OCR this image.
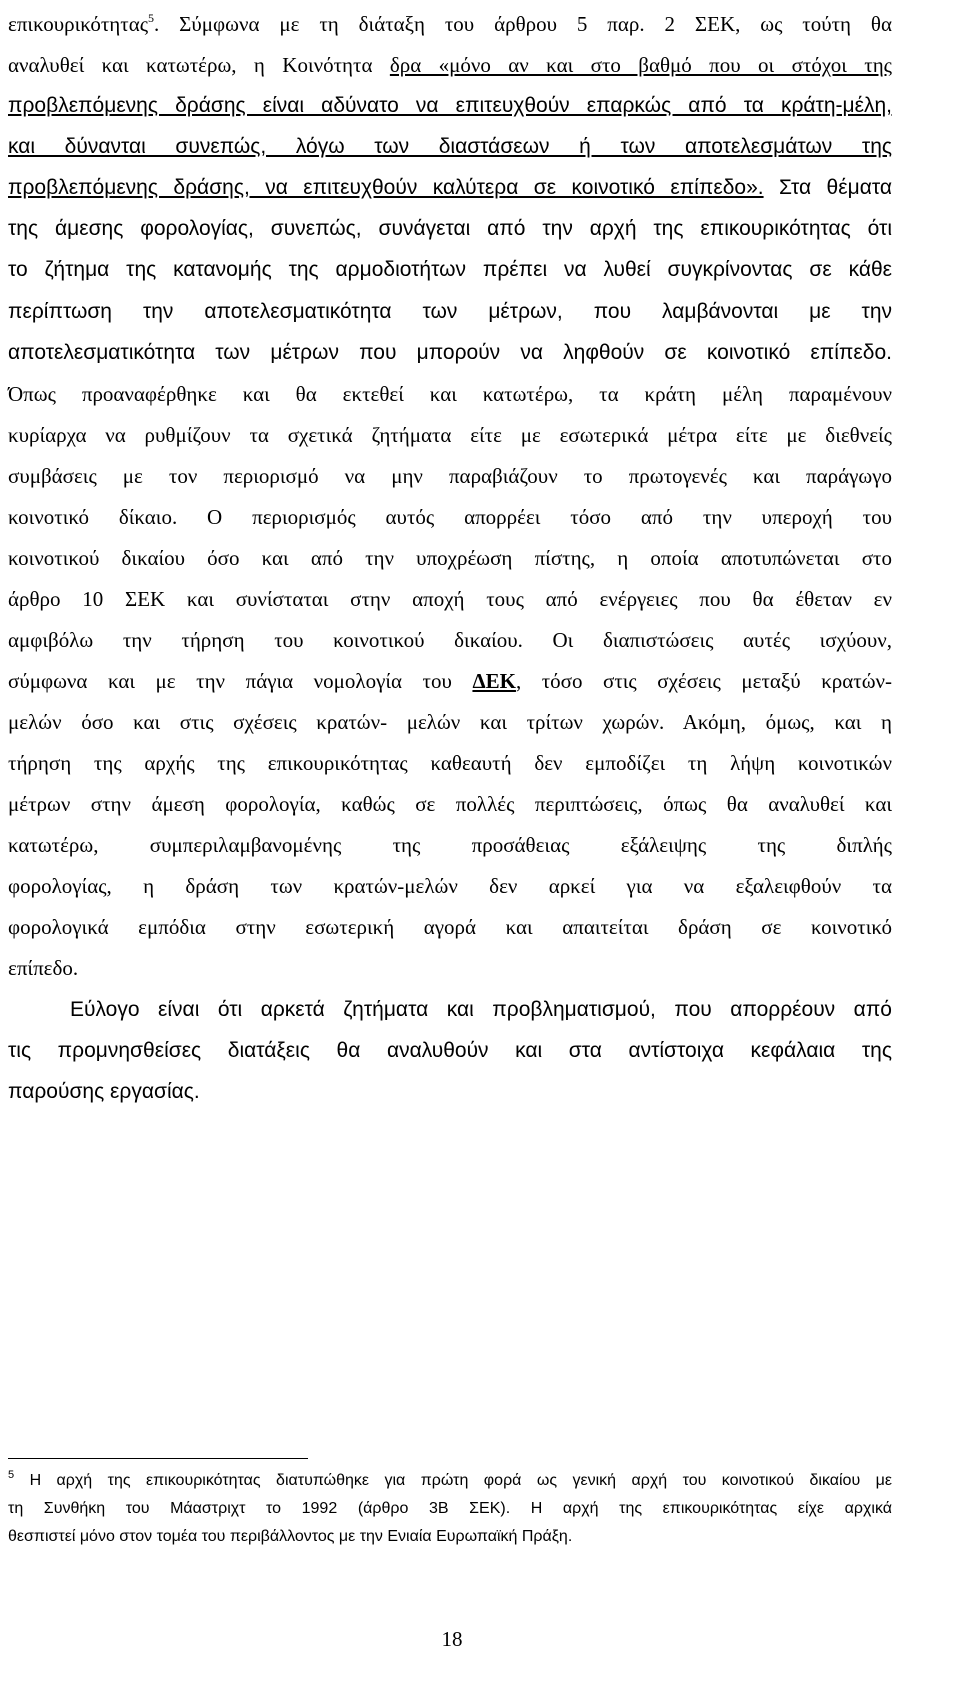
επικουρικότητας$^5$. Σύμφωνα με τη διάταξη του άρθρου 5 παρ. 2 ΣΕΚ, ως τούτη θα
αναλυθεί και κατωτέρω, η Κοινότητα δρα «μόνο αν και στο βαθμό που οι στόχοι της
προβλεπόμενης δράσης είναι αδύνατο να επιτευχθούν επαρκώς από τα κράτη-μέλη,
και δύνανται συνεπώς, λόγω των διαστάσεων ή των αποτελεσμάτων της
προβλεπόμενης δράσης, να επιτευχθούν καλύτερα σε κοινοτικό επίπεδο». Στα θέματα
της άμεσης φορολογίας, συνεπώς, συνάγεται από την αρχή της επικουρικότητας ότι
το ζήτημα της κατανομής της αρμοδιοτήτων πρέπει να λυθεί συγκρίνοντας σε κάθε
περίπτωση την αποτελεσματικότητα των μέτρων, που λαμβάνονται με την
αποτελεσματικότητα των μέτρων που μπορούν να ληφθούν σε κοινοτικό επίπεδο.
Όπως προαναφέρθηκε και θα εκτεθεί και κατωτέρω, τα κράτη μέλη παραμένουν
κυρίαρχα να ρυθμίζουν τα σχετικά ζητήματα είτε με εσωτερικά μέτρα είτε με διεθνείς
συμβάσεις με τον περιορισμό να μην παραβιάζουν το πρωτογενές και παράγωγο
κοινοτικό δίκαιο. Ο περιορισμός αυτός απορρέει τόσο από την υπεροχή του
κοινοτικού δικαίου όσο και από την υποχρέωση πίστης, η οποία αποτυπώνεται στο
άρθρο 10 ΣΕΚ και συνίσταται στην αποχή τους από ενέργειες που θα έθεταν εν
αμφιβόλω την τήρηση του κοινοτικού δικαίου. Οι διαπιστώσεις αυτές ισχύουν,
σύμφωνα και με την πάγια νομολογία του ΔΕΚ, τόσο στις σχέσεις μεταξύ κρατών-
μελών όσο και στις σχέσεις κρατών- μελών και τρίτων χωρών. Ακόμη, όμως, και η
τήρηση της αρχής της επικουρικότητας καθεαυτή δεν εμποδίζει τη λήψη κοινοτικών
μέτρων στην άμεση φορολογία, καθώς σε πολλές περιπτώσεις, όπως θα αναλυθεί και
κατωτέρω, συμπεριλαμβανομένης της προσάθειας εξάλειψης της διπλής
φορολογίας, η δράση των κρατών-μελών δεν αρκεί για να εξαλειφθούν τα
φορολογικά εμπόδια στην εσωτερική αγορά και απαιτείται δράση σε κοινοτικό
επίπεδο.
Εύλογο είναι ότι αρκετά ζητήματα και προβληματισμού, που απορρέουν από
τις προμνησθείσες διατάξεις θα αναλυθούν και στα αντίστοιχα κεφάλαια της
παρούσης εργασίας.
$^5$ Η αρχή της επικουρικότητας διατυπώθηκε για πρώτη φορά ως γενική αρχή του κοινοτικού δικαίου με
τη Συνθήκη του Μάαστριχτ το 1992 (άρθρο 3Β ΣΕΚ). Η αρχή της επικουρικότητας είχε αρχικά
θεσπιστεί μόνο στον τομέα του περιβάλλοντος με την Ενιαία Ευρωπαϊκή Πράξη.
18
